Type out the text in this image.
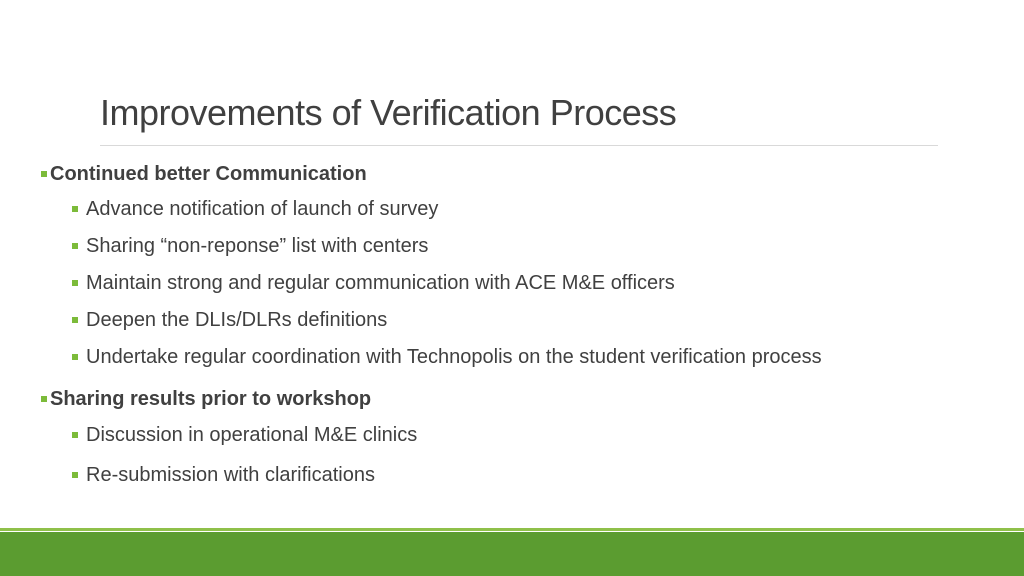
Improvements of Verification Process
Continued better Communication
Advance notification of launch of survey
Sharing “non-reponse” list with centers
Maintain strong and regular communication with ACE M&E officers
Deepen the DLIs/DLRs definitions
Undertake regular coordination with Technopolis on the student verification process
Sharing results prior to workshop
Discussion in operational M&E clinics
Re-submission with clarifications
